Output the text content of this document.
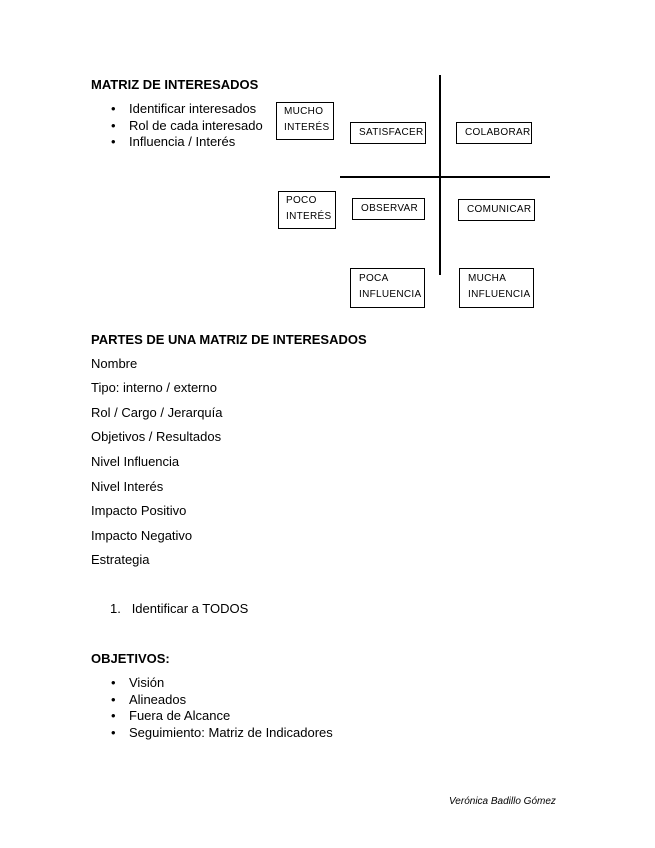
MATRIZ DE INTERESADOS
• Identificar interesados
• Rol de cada interesado
• Influencia / Interés
MUCHO
INTERÉS
POCO
INTERÉS
SATISFACER	COLABORAR
OBSERVAR	COMUNICAR
POCA
INFLUENCIA
MUCHA
INFLUENCIA
PARTES DE UNA MATRIZ DE INTERESADOS
Nombre
Tipo: interno / externo
Rol / Cargo / Jerarquía
Objetivos / Resultados
Nivel Influencia
Nivel Interés
Impacto Positivo
Impacto Negativo
Estrategia
1. Identificar a TODOS
OBJETIVOS:
• Visión
• Alineados
• Fuera de Alcance
• Seguimiento: Matriz de Indicadores
Verónica Badillo Gómez
